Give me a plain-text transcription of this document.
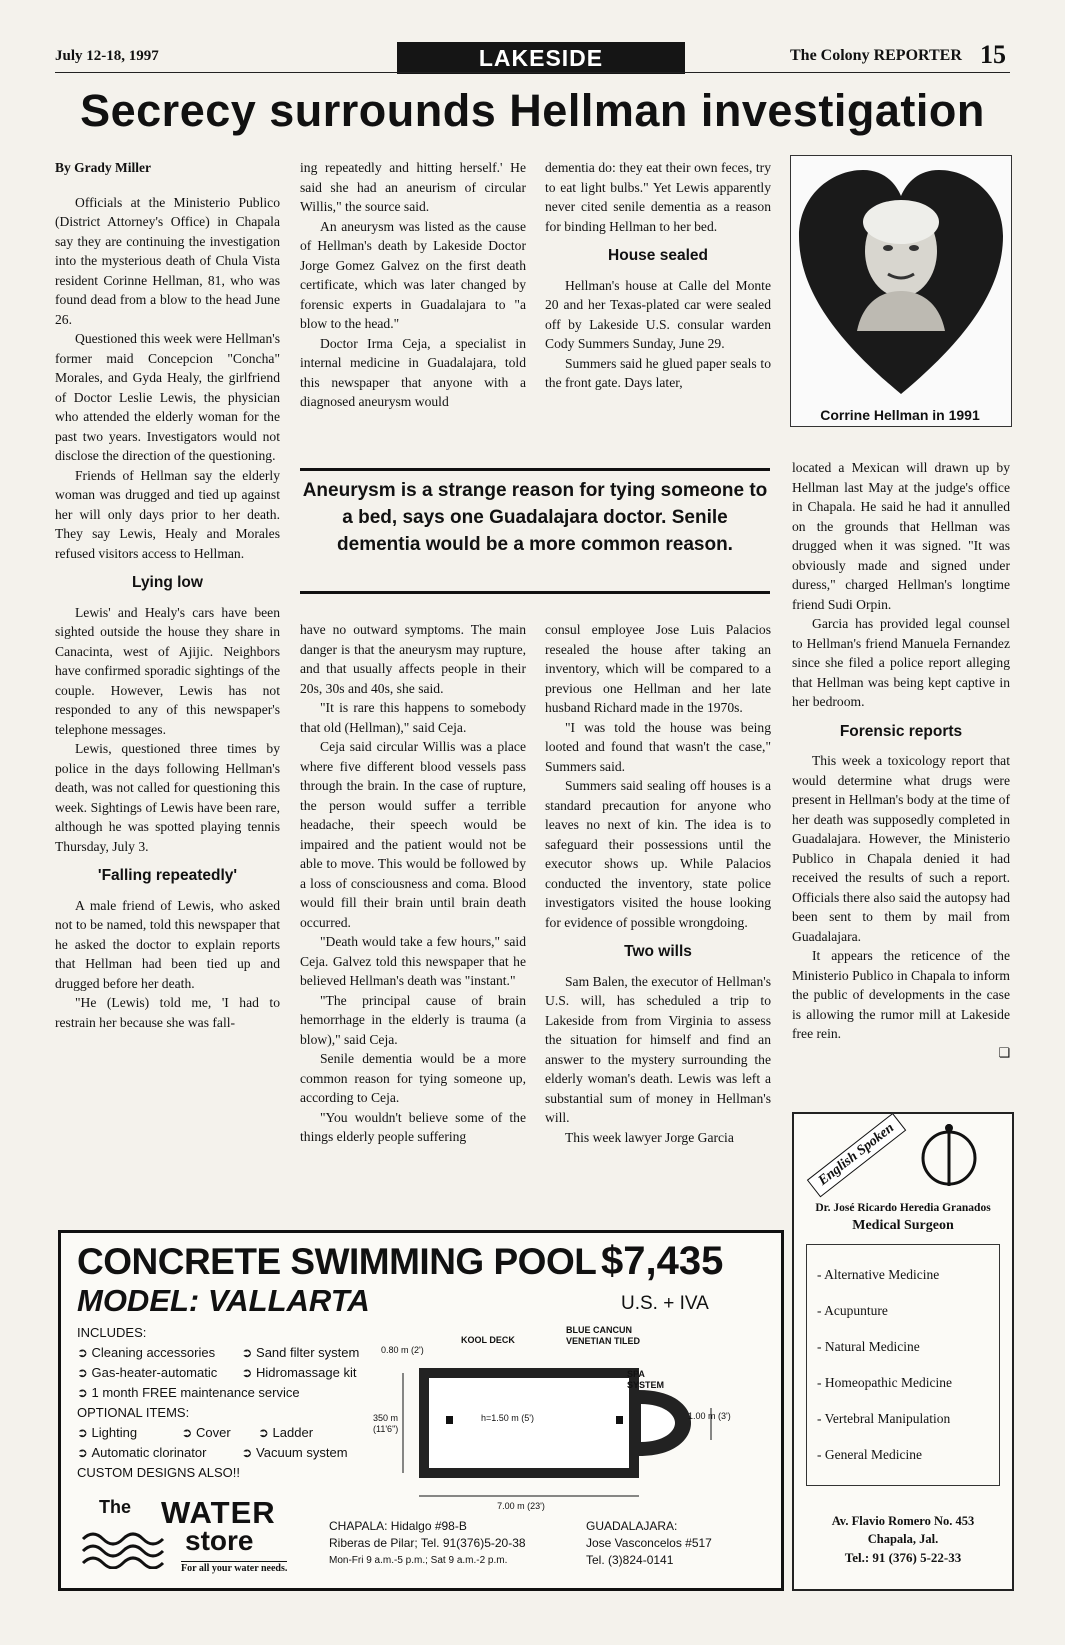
July 12-18, 1997	LAKESIDE	The Colony REPORTER 15
Secrecy surrounds Hellman investigation

By Grady Miller

Officials at the Ministerio Publico (District Attorney's Office) in Chapala say they are continuing the investigation into the mysterious death of Chula Vista resident Corinne Hellman, 81, who was found dead from a blow to the head June 26.

Questioned this week were Hellman's former maid Concepcion "Concha" Morales, and Gyda Healy, the girlfriend of Doctor Leslie Lewis, the physician who attended the elderly woman for the past two years. Investigators would not disclose the direction of the questioning.

Friends of Hellman say the elderly woman was drugged and tied up against her will only days prior to her death. They say Lewis, Healy and Morales refused visitors access to Hellman.

Lying low

Lewis' and Healy's cars have been sighted outside the house they share in Canacinta, west of Ajijic. Neighbors have confirmed sporadic sightings of the couple. However, Lewis has not responded to any of this newspaper's telephone messages.

Lewis, questioned three times by police in the days following Hellman's death, was not called for questioning this week. Sightings of Lewis have been rare, although he was spotted playing tennis Thursday, July 3.

'Falling repeatedly'

A male friend of Lewis, who asked not to be named, told this newspaper that he asked the doctor to explain reports that Hellman had been tied up and drugged before her death.

"He (Lewis) told me, 'I had to restrain her because she was fall-

ing repeatedly and hitting herself.' He said she had an aneurism of circular Willis," the source said.

An aneurysm was listed as the cause of Hellman's death by Lakeside Doctor Jorge Gomez Galvez on the first death certificate, which was later changed by forensic experts in Guadalajara to "a blow to the head."

Doctor Irma Ceja, a specialist in internal medicine in Guadalajara, told this newspaper that anyone with a diagnosed aneurysm would

dementia do: they eat their own feces, try to eat light bulbs." Yet Lewis apparently never cited senile dementia as a reason for binding Hellman to her bed.

House sealed

Hellman's house at Calle del Monte 20 and her Texas-plated car were sealed off by Lakeside U.S. consular warden Cody Summers Sunday, June 29.

Summers said he glued paper seals to the front gate. Days later,

Corrine Hellman in 1991
Aneurysm is a strange reason for tying someone to a bed, says one Guadalajara doctor. Senile dementia would be a more common reason.

have no outward symptoms. The main danger is that the aneurysm may rupture, and that usually affects people in their 20s, 30s and 40s, she said.

"It is rare this happens to somebody that old (Hellman)," said Ceja.

Ceja said circular Willis was a place where five different blood vessels pass through the brain. In the case of rupture, the person would suffer a terrible headache, their speech would be impaired and the patient would not be able to move. This would be followed by a loss of consciousness and coma. Blood would fill their brain until brain death occurred.

"Death would take a few hours," said Ceja. Galvez told this newspaper that he believed Hellman's death was "instant."

"The principal cause of brain hemorrhage in the elderly is trauma (a blow)," said Ceja.

Senile dementia would be a more common reason for tying someone up, according to Ceja.

"You wouldn't believe some of the things elderly people suffering

consul employee Jose Luis Palacios resealed the house after taking an inventory, which will be compared to a previous one Hellman and her late husband Richard made in the 1970s.

"I was told the house was being looted and found that wasn't the case," Summers said.

Summers said sealing off houses is a standard precaution for anyone who leaves no next of kin. The idea is to safeguard their possessions until the executor shows up. While Palacios conducted the inventory, state police investigators visited the house looking for evidence of possible wrongdoing.

Two wills

Sam Balen, the executor of Hellman's U.S. will, has scheduled a trip to Lakeside from from Virginia to assess the situation for himself and find an answer to the mystery surrounding the elderly woman's death. Lewis was left a substantial sum of money in Hellman's will.

This week lawyer Jorge Garcia

located a Mexican will drawn up by Hellman last May at the judge's office in Chapala. He said he had it annulled on the grounds that Hellman was drugged when it was signed. "It was obviously made and signed under duress," charged Hellman's longtime friend Sudi Orpin.

Garcia has provided legal counsel to Hellman's friend Manuela Fernandez since she filed a police report alleging that Hellman was being kept captive in her bedroom.

Forensic reports

This week a toxicology report that would determine what drugs were present in Hellman's body at the time of her death was supposedly completed in Guadalajara. However, the Ministerio Publico in Chapala denied it had received the results of such a report. Officials there also said the autopsy had been sent to them by mail from Guadalajara.

It appears the reticence of the Ministerio Publico in Chapala to inform the public of developments in the case is allowing the rumor mill at Lakeside free rein.

❏
CONCRETE SWIMMING POOL $7,435
MODEL: VALLARTA	U.S. + IVA
INCLUDES:
➲ Cleaning accessories ➲ Sand filter system
➲ Gas-heater-automatic ➲ Hidromassage kit
➲ 1 month FREE maintenance service
OPTIONAL ITEMS:
➲ Lighting	➲ Cover ➲ Ladder
➲ Automatic clorinator	➲ Vacuum system
CUSTOM DESIGNS ALSO!!
KOOL DECK
BLUE CANCUN VENETIAN TILED
0.80 m (2')
SPA SYSTEM
h=1.50 m (5')
350 m (11'6")
1.00 m (3')
7.00 m (23')
The WATER
store
For all your water needs.
CHAPALA: Hidalgo #98-B
Riberas de Pilar; Tel. 91(376)5-20-38
Mon-Fri 9 a.m.-5 p.m.; Sat 9 a.m.-2 p.m.
GUADALAJARA:
Jose Vasconcelos #517
Tel. (3)824-0141
English Spoken
Dr. José Ricardo Heredia Granados
Medical Surgeon
- Alternative Medicine
- Acupunture
- Natural Medicine
- Homeopathic Medicine
- Vertebral Manipulation
- General Medicine
Av. Flavio Romero No. 453
Chapala, Jal.
Tel.: 91 (376) 5-22-33
